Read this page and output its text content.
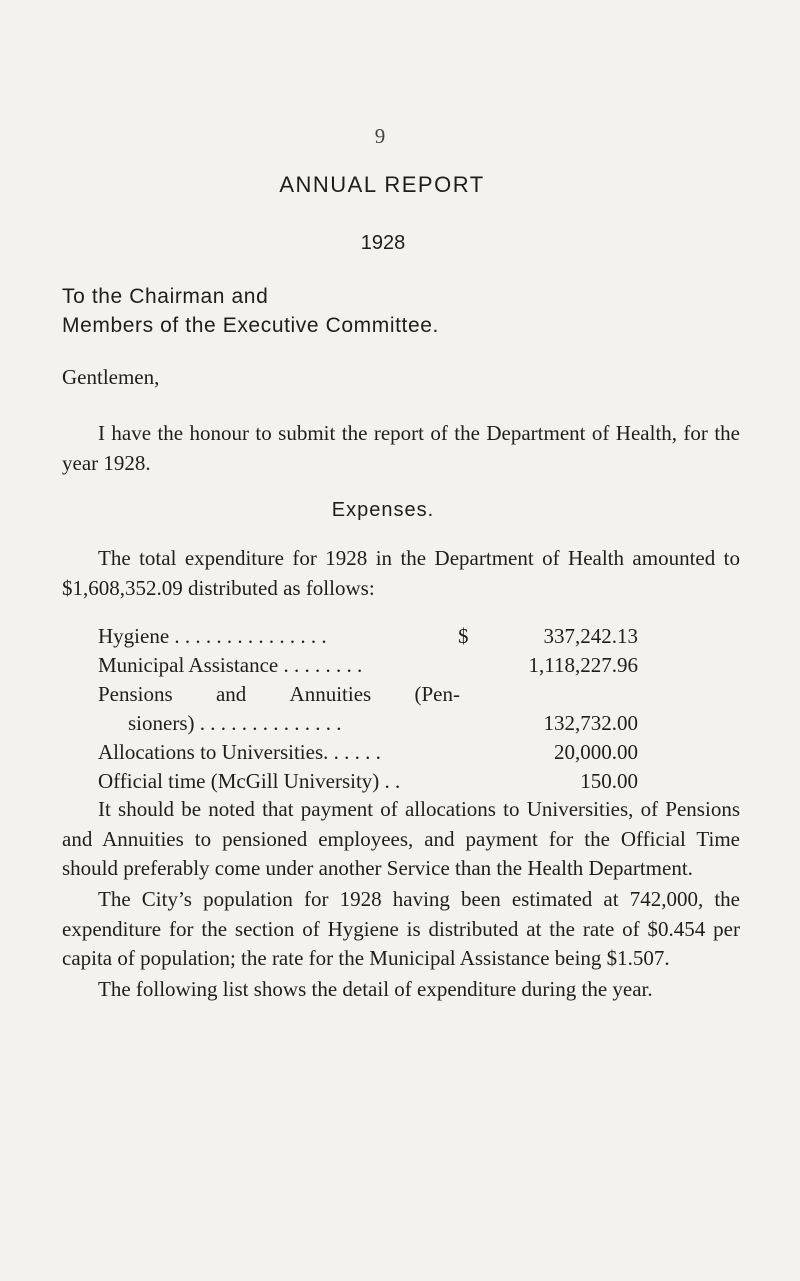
9
ANNUAL REPORT
1928
To the Chairman and
Members of the Executive Committee.
Gentlemen,
I have the honour to submit the report of the Department of Health, for the year 1928.
Expenses.
The total expenditure for 1928 in the Department of Health amounted to $1,608,352.09 distributed as follows:
Hygiene . . . . . . . . . . . . . . .	$	337,242.13
Municipal Assistance . . . . . . . .	1,118,227.96
Pensions and Annuities (Pen-
sioners) . . . . . . . . . . . . . .	132,732.00
Allocations to Universities. . . . . .	20,000.00
Official time (McGill University) . .	150.00
It should be noted that payment of allocations to Universities, of Pensions and Annuities to pensioned employees, and payment for the Official Time should preferably come under another Service than the Health Department.
The City’s population for 1928 having been estimated at 742,000, the expenditure for the section of Hygiene is distributed at the rate of $0.454 per capita of population; the rate for the Municipal Assistance being $1.507.
The following list shows the detail of expenditure during the year.
